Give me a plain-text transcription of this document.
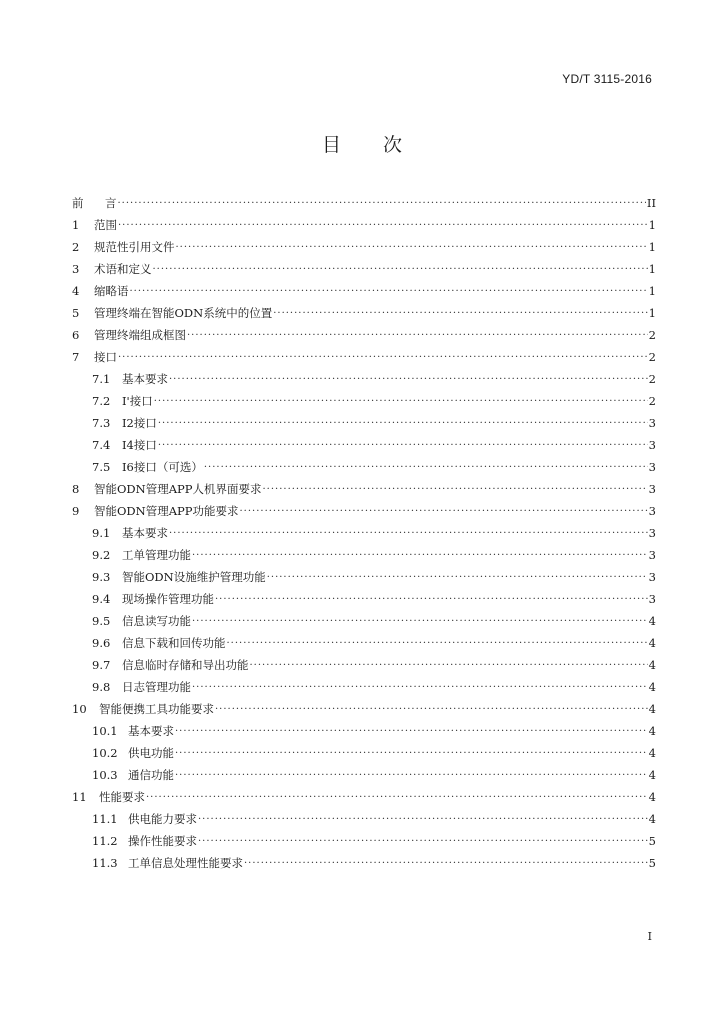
YD/T 3115-2016
目 次
前	言 ·····	II
1	范围 ·····	1
2	规范性引用文件 ·····	1
3	术语和定义 ·····	1
4	缩略语 ·····	1
5	管理终端在智能ODN系统中的位置 ·····	1
6	管理终端组成框图 ·····	2
7	接口 ·····	2
7.1	基本要求 ·····	2
7.2	I'接口 ·····	2
7.3	I2接口 ·····	3
7.4	I4接口 ·····	3
7.5	I6接口（可选） ·····	3
8	智能ODN管理APP人机界面要求 ·····	3
9	智能ODN管理APP功能要求 ·····	3
9.1	基本要求 ·····	3
9.2	工单管理功能 ·····	3
9.3	智能ODN设施维护管理功能 ·····	3
9.4	现场操作管理功能 ·····	3
9.5	信息读写功能 ·····	4
9.6	信息下载和回传功能 ·····	4
9.7	信息临时存储和导出功能 ·····	4
9.8	日志管理功能 ·····	4
10	智能便携工具功能要求 ·····	4
10.1 基本要求 ·····	4
10.2 供电功能 ·····	4
10.3 通信功能 ·····	4
11	性能要求 ·····	4
11.1 供电能力要求 ·····	4
11.2 操作性能要求 ·····	5
11.3 工单信息处理性能要求 ·····	5
I
